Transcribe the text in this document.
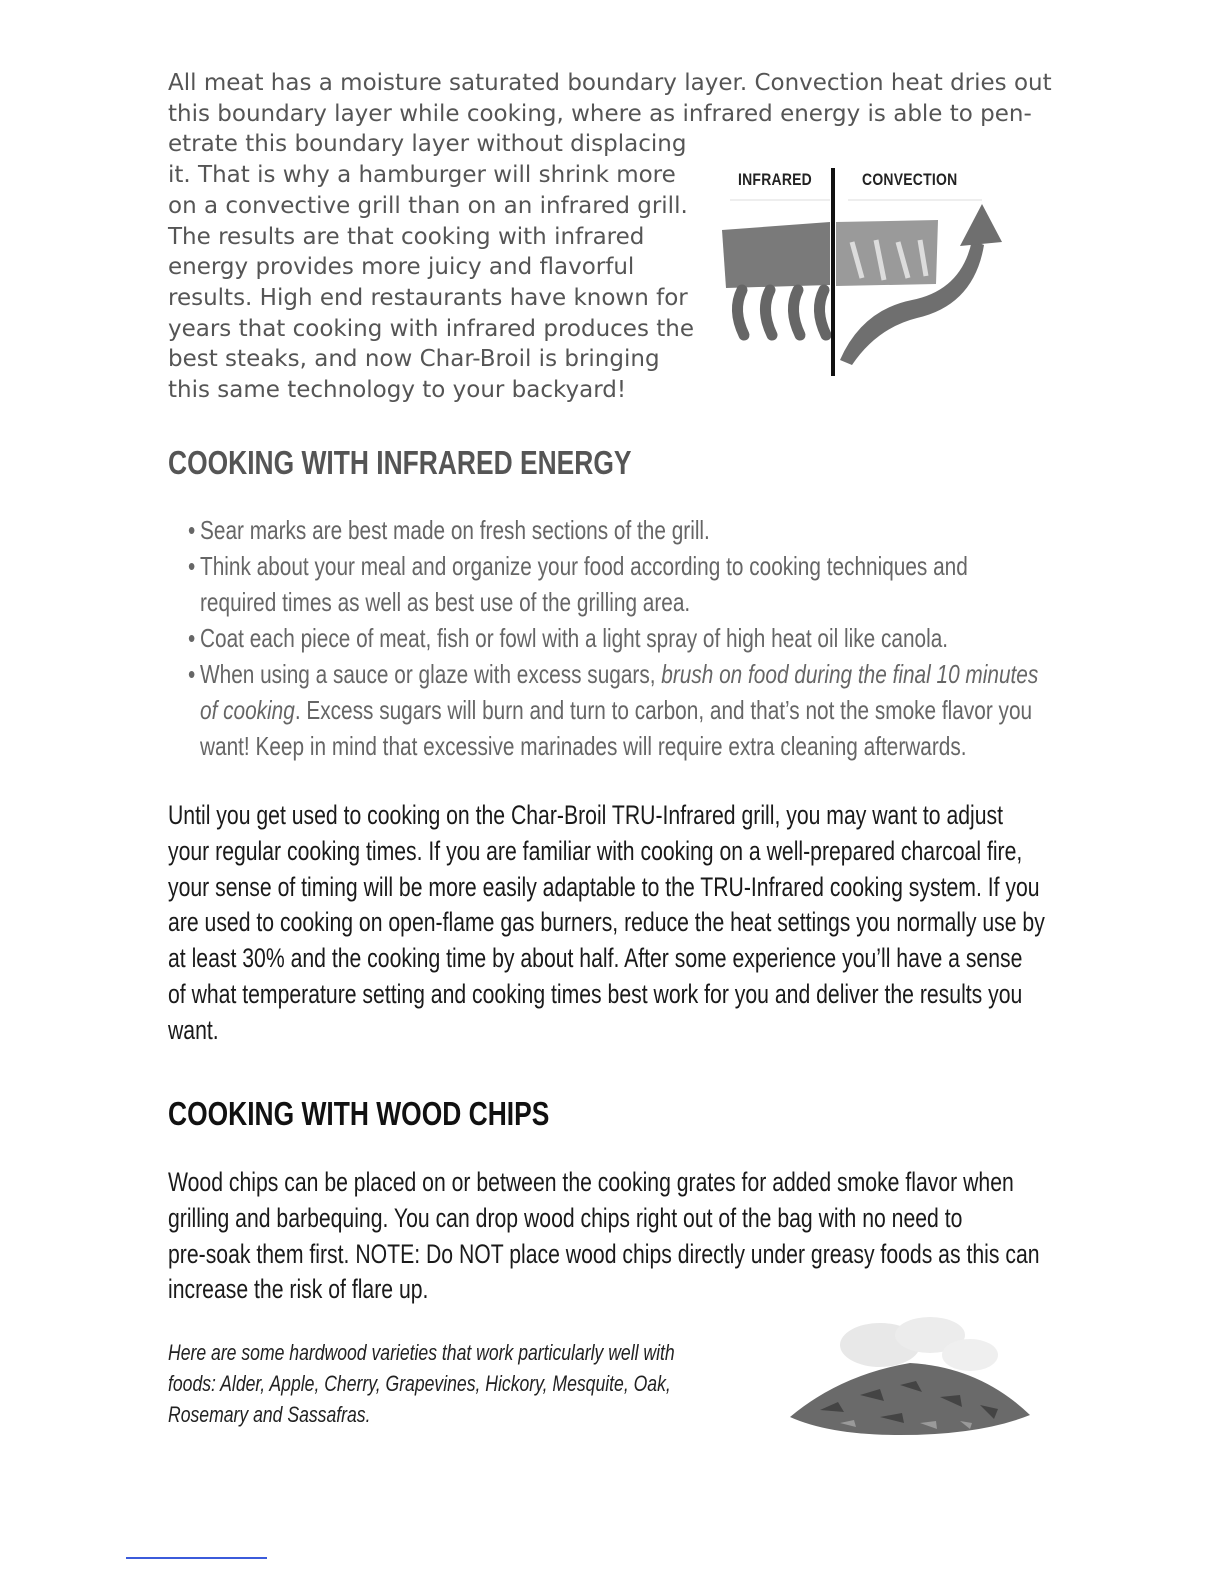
All meat has a moisture saturated boundary layer. Convection heat dries out
this boundary layer while cooking, where as infrared energy is able to pen-
etrate this boundary layer without displacing
it. That is why a hamburger will shrink more
on a convective grill than on an infrared grill.
The results are that cooking with infrared
energy provides more juicy and flavorful
results. High end restaurants have known for
years that cooking with infrared produces the
best steaks, and now Char-Broil is bringing
this same technology to your backyard!
INFRARED	CONVECTION
COOKING WITH INFRARED ENERGY
• Sear marks are best made on fresh sections of the grill.
• Think about your meal and organize your food according to cooking techniques and
required times as well as best use of the grilling area.
• Coat each piece of meat, fish or fowl with a light spray of high heat oil like canola.
• When using a sauce or glaze with excess sugars, brush on food during the final 10 minutes
of cooking. Excess sugars will burn and turn to carbon, and that’s not the smoke flavor you
want! Keep in mind that excessive marinades will require extra cleaning afterwards.
Until you get used to cooking on the Char-Broil TRU-Infrared grill, you may want to adjust
your regular cooking times. If you are familiar with cooking on a well-prepared charcoal fire,
your sense of timing will be more easily adaptable to the TRU-Infrared cooking system. If you
are used to cooking on open-flame gas burners, reduce the heat settings you normally use by
at least 30% and the cooking time by about half. After some experience you’ll have a sense
of what temperature setting and cooking times best work for you and deliver the results you
want.
COOKING WITH WOOD CHIPS
Wood chips can be placed on or between the cooking grates for added smoke flavor when
grilling and barbequing. You can drop wood chips right out of the bag with no need to
pre-soak them first. NOTE: Do NOT place wood chips directly under greasy foods as this can
increase the risk of flare up.
Here are some hardwood varieties that work particularly well with
foods: Alder, Apple, Cherry, Grapevines, Hickory, Mesquite, Oak,
Rosemary and Sassafras.
